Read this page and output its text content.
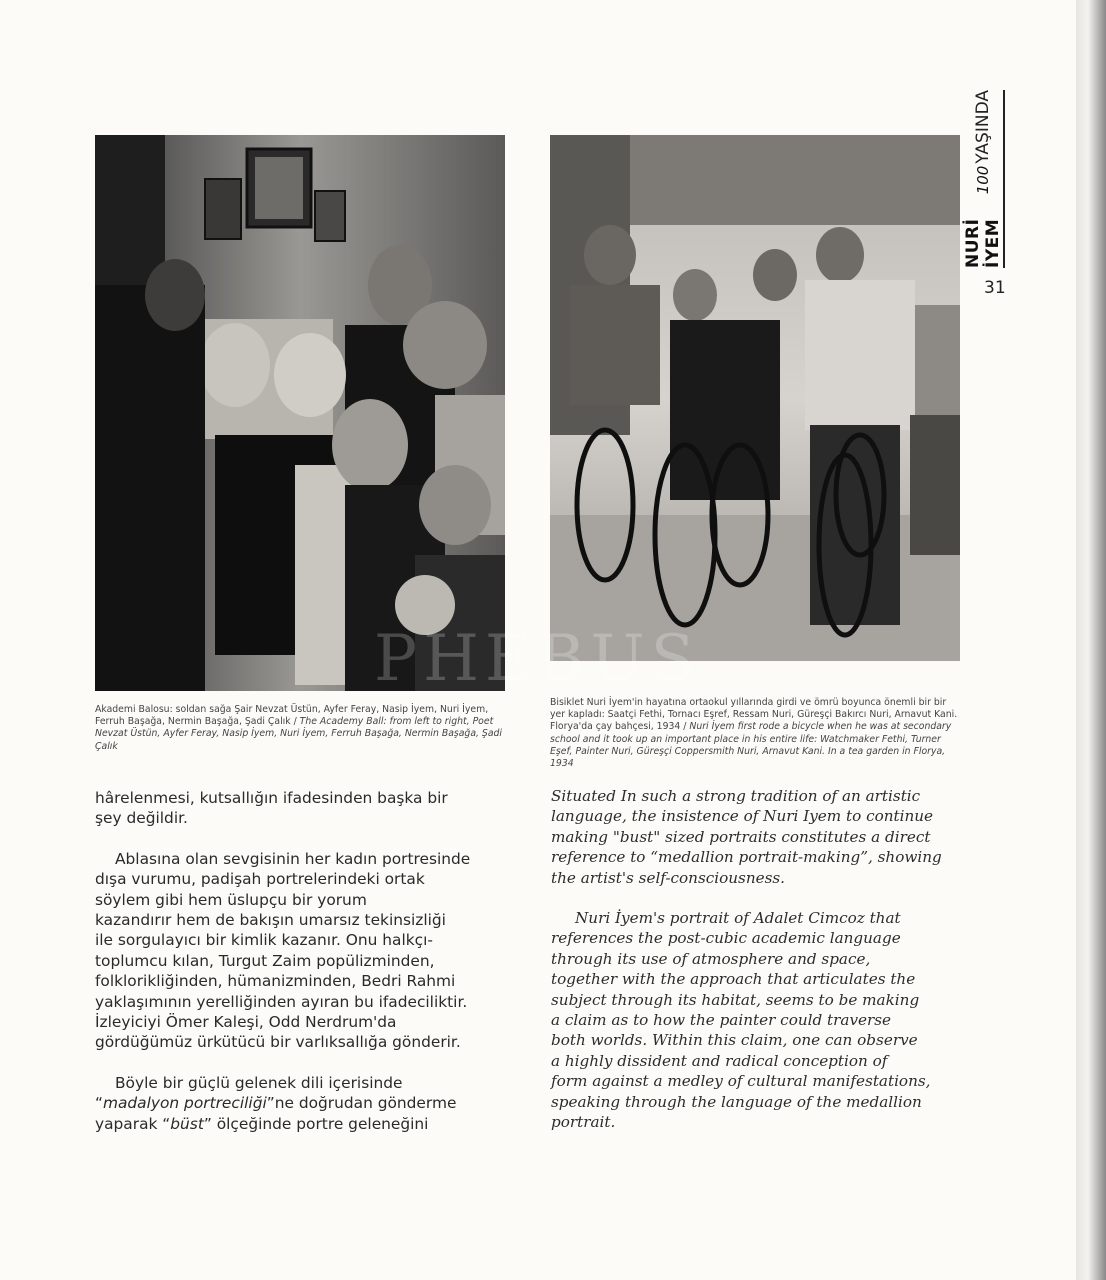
NURİ İYEM
100
YAŞINDA
31
PHEBUS
Akademi Balosu: soldan sağa Şair Nevzat Üstün, Ayfer Feray, Nasip İyem, Nuri İyem, Ferruh Başağa, Nermin Başağa, Şadi Çalık / The Academy Ball: from left to right, Poet Nevzat Üstün, Ayfer Feray, Nasip İyem, Nuri İyem, Ferruh Başağa, Nermin Başağa, Şadi Çalık
Bisiklet Nuri İyem'in hayatına ortaokul yıllarında girdi ve ömrü boyunca önemli bir bir yer kapladı: Saatçi Fethi, Tornacı Eşref, Ressam Nuri, Güreşçi Bakırcı Nuri, Arnavut Kani. Florya'da çay bahçesi, 1934 / Nuri İyem first rode a bicycle when he was at secondary school and it took up an important place in his entire life: Watchmaker Fethi, Turner Eşef, Painter Nuri, Güreşçi Coppersmith Nuri, Arnavut Kani. In a tea garden in Florya, 1934

hârelenmesi, kutsallığın ifadesinden başka bir
şey değildir.

Ablasına olan sevgisinin her kadın portresinde
dışa vurumu, padişah portrelerindeki ortak
söylem gibi hem üslupçu bir yorum
kazandırır hem de bakışın umarsız tekinsizliği
ile sorgulayıcı bir kimlik kazanır. Onu halkçı-
toplumcu kılan, Turgut Zaim popülizminden,
folklorikliğinden, hümanizminden, Bedri Rahmi
yaklaşımının yerelliğinden ayıran bu ifadeciliktir.
İzleyiciyi Ömer Kaleşi, Odd Nerdrum'da
gördüğümüz ürkütücü bir varlıksallığa gönderir.

Böyle bir güçlü gelenek dili içerisinde
“madalyon portreciliği”ne doğrudan gönderme
yaparak “büst” ölçeğinde portre geleneğini

Situated In such a strong tradition of an artistic
language, the insistence of Nuri Iyem to continue
making "bust" sized portraits constitutes a direct
reference to “medallion portrait-making”, showing
the artist's self-consciousness.

Nuri İyem's portrait of Adalet Cimcoz that
references the post-cubic academic language
through its use of atmosphere and space,
together with the approach that articulates the
subject through its habitat, seems to be making
a claim as to how the painter could traverse
both worlds. Within this claim, one can observe
a highly dissident and radical conception of
form against a medley of cultural manifestations,
speaking through the language of the medallion
portrait.
